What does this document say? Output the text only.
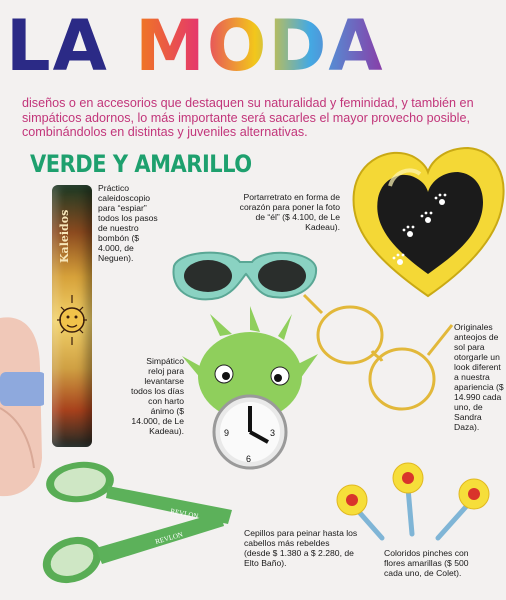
LA MODA
diseños o en accesorios que destaquen su naturalidad y feminidad, y también en simpáticos adornos, lo más importante será sacarles el mayor provecho posible, combinándolos en distintas y juveniles alternativas.
VERDE Y AMARILLO
Kaleidos
Práctico caleidoscopio para “espiar” todos los pasos de nuestro bombón ($ 4.000, de Neguen).
Portarretrato en forma de corazón para poner la foto de “él” ($ 4.100, de Le Kadeau).
Originales anteojos de sol para otorgarle un look diferent a nuestra apariencia ($ 14.990 cada uno, de Sandra Daza).
9	3
6
Simpático reloj para levantarse todos los días con harto ánimo ($ 14.000, de Le Kadeau).
REVLON
REVLON	Cepillos para peinar hasta los cabellos más rebeldes (desde $ 1.380 a $ 2.280, de Elto Baño).
Coloridos pinches con flores amarillas ($ 500 cada uno, de Colet).
